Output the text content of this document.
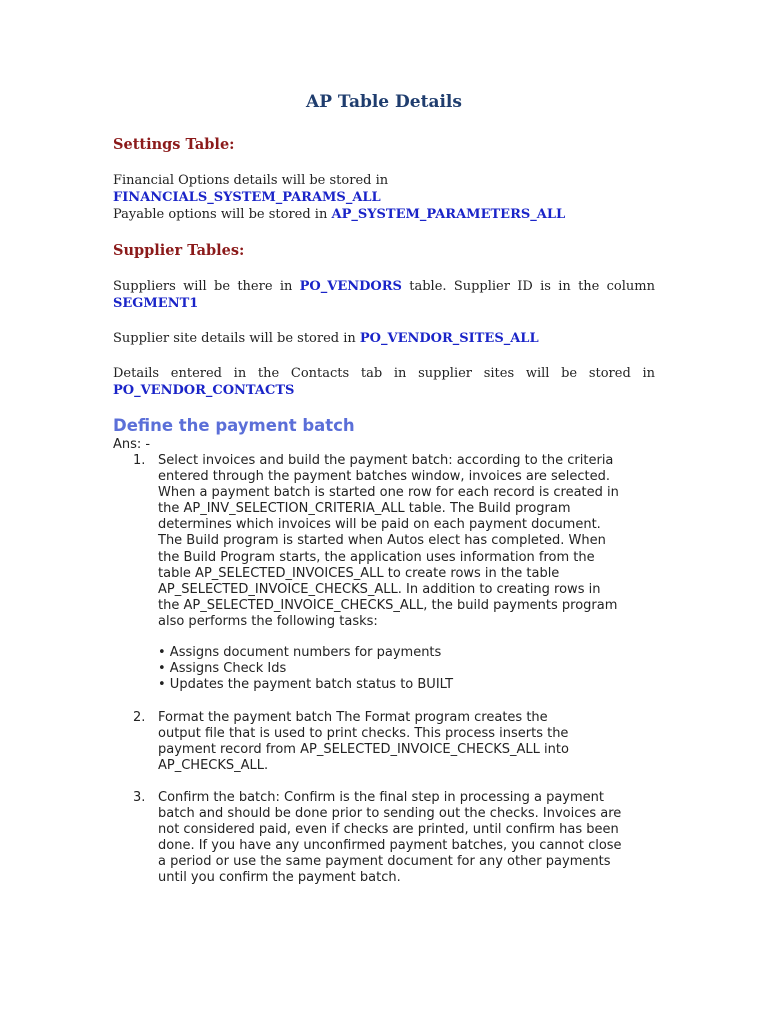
AP Table Details
Settings Table:
Financial Options details will be stored in FINANCIALS_SYSTEM_PARAMS_ALL
Payable options will be stored in AP_SYSTEM_PARAMETERS_ALL
Supplier Tables:
Suppliers will be there in PO_VENDORS table. Supplier ID is in the column
SEGMENT1
Supplier site details will be stored in PO_VENDOR_SITES_ALL
Details entered in the Contacts tab in supplier sites will be stored in
PO_VENDOR_CONTACTS
Define the payment batch
Ans: -
1. Select invoices and build the payment batch: according to the criteria
entered through the payment batches window, invoices are selected.
When a payment batch is started one row for each record is created in
the AP_INV_SELECTION_CRITERIA_ALL table. The Build program
determines which invoices will be paid on each payment document.
The Build program is started when Autos elect has completed. When
the Build Program starts, the application uses information from the
table AP_SELECTED_INVOICES_ALL to create rows in the table
AP_SELECTED_INVOICE_CHECKS_ALL. In addition to creating rows in
the AP_SELECTED_INVOICE_CHECKS_ALL, the build payments program
also performs the following tasks:
• Assigns document numbers for payments
• Assigns Check Ids
• Updates the payment batch status to BUILT
2. Format the payment batch The Format program creates the
output file that is used to print checks. This process inserts the
payment record from AP_SELECTED_INVOICE_CHECKS_ALL into
AP_CHECKS_ALL.
3. Confirm the batch: Confirm is the final step in processing a payment
batch and should be done prior to sending out the checks. Invoices are
not considered paid, even if checks are printed, until confirm has been
done. If you have any unconfirmed payment batches, you cannot close
a period or use the same payment document for any other payments
until you confirm the payment batch.
